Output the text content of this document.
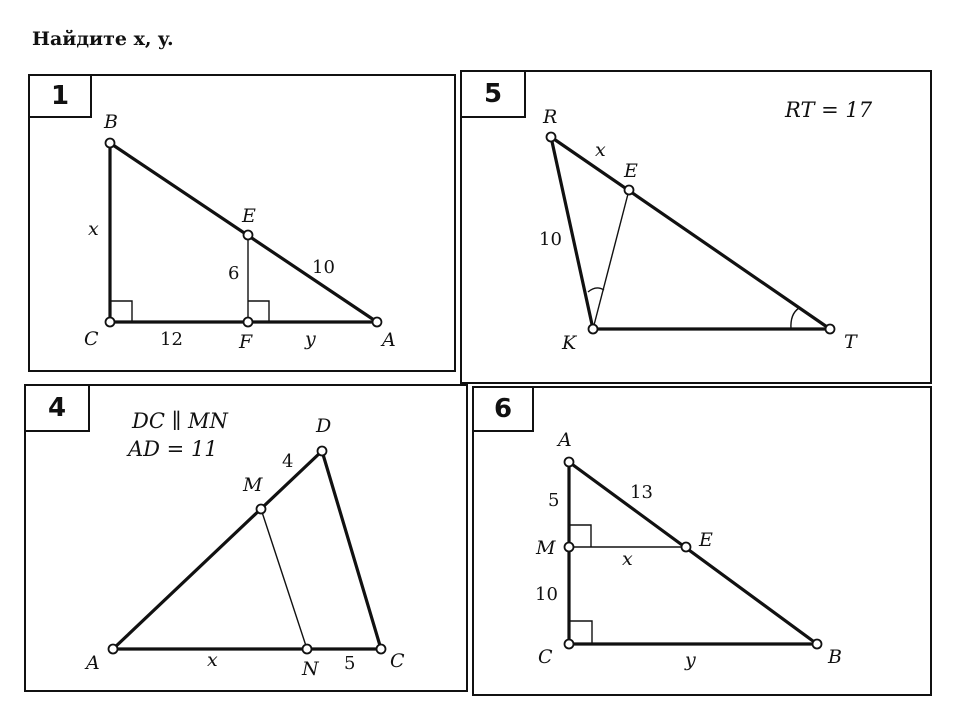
Найдите x, y.
1
B
C
E
F	A
x
6	10
12	y
5
RT = 17
R
E
K	T
x
10
4	DC ∥ MN
AD = 11
D
M
A	N	C
4
x	5
6
A
M	E
C	B
5	13
x
10
y
